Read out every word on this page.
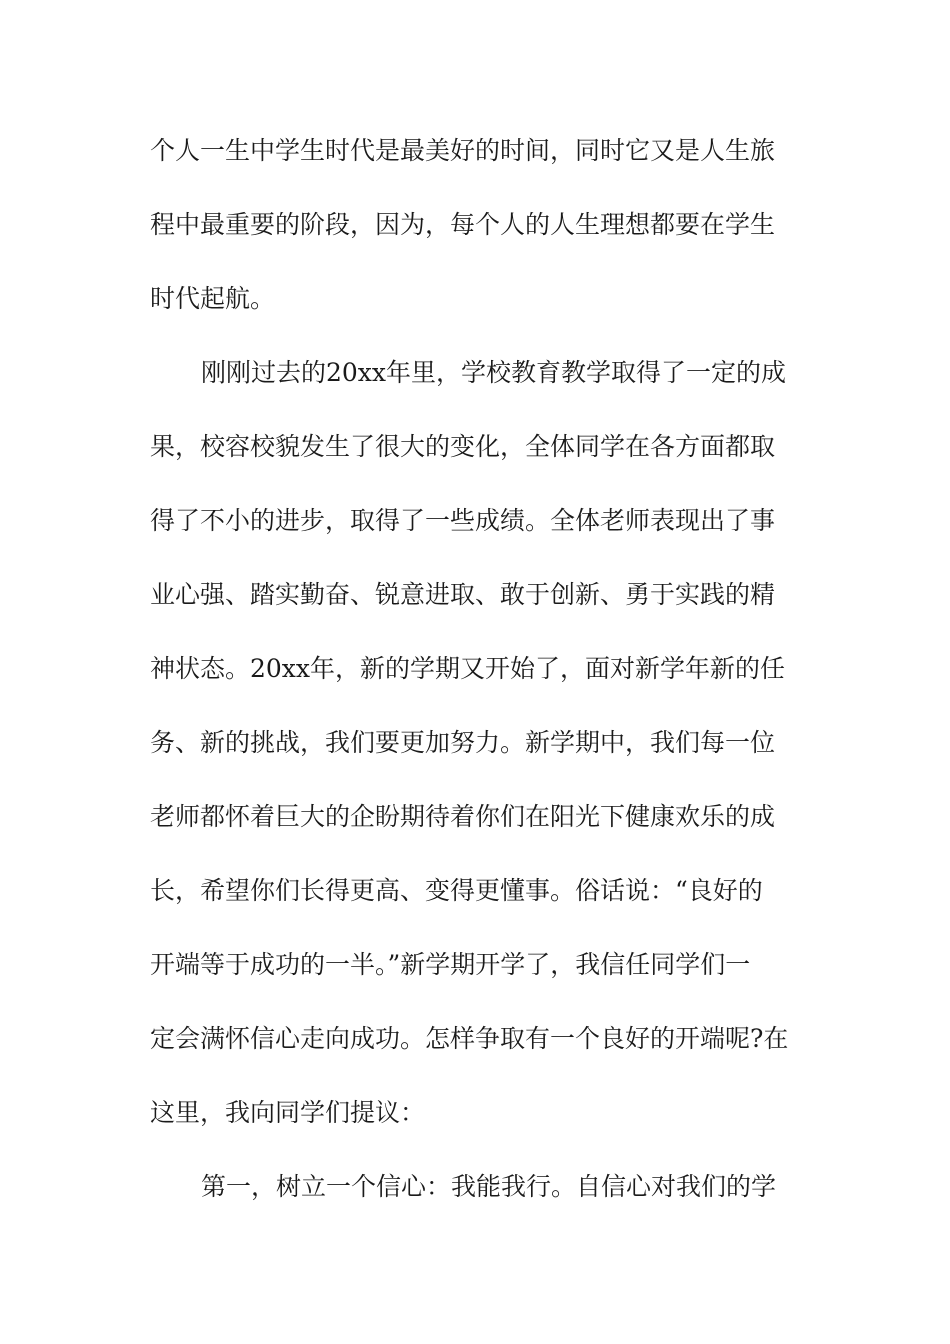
个人一生中学生时代是最美好的时间，同时它又是人生旅
程中最重要的阶段，因为，每个人的人生理想都要在学生
时代起航。
刚刚过去的20xx年里，学校教育教学取得了一定的成
果，校容校貌发生了很大的变化，全体同学在各方面都取
得了不小的进步，取得了一些成绩。全体老师表现出了事
业心强、踏实勤奋、锐意进取、敢于创新、勇于实践的精
神状态。20xx年，新的学期又开始了，面对新学年新的任
务、新的挑战，我们要更加努力。新学期中，我们每一位
老师都怀着巨大的企盼期待着你们在阳光下健康欢乐的成
长，希望你们长得更高、变得更懂事。俗话说：“良好的
开端等于成功的一半。”新学期开学了，我信任同学们一
定会满怀信心走向成功。怎样争取有一个良好的开端呢?在
这里，我向同学们提议：
第一，树立一个信心：我能我行。自信心对我们的学
